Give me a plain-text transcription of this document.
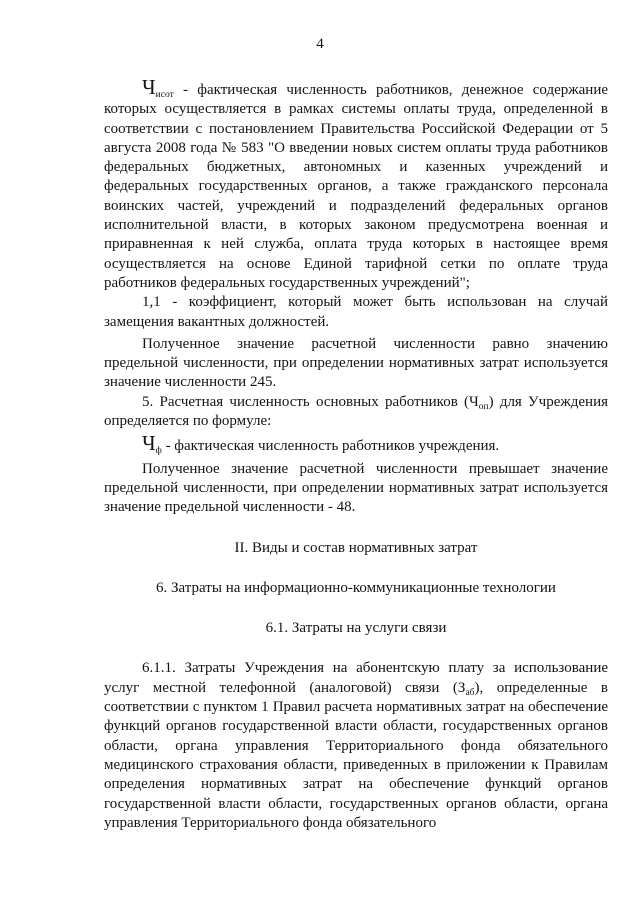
4

$Ч_{исот}$ - фактическая численность работников, денежное содержание которых осуществляется в рамках системы оплаты труда, определенной в соответствии с постановлением Правительства Российской Федерации от 5 августа 2008 года № 583 "О введении новых систем оплаты труда работников федеральных бюджетных, автономных и казенных учреждений и федеральных государственных органов, а также гражданского персонала воинских частей, учреждений и подразделений федеральных органов исполнительной власти, в которых законом предусмотрена военная и приравненная к ней служба, оплата труда которых в настоящее время осуществляется на основе Единой тарифной сетки по оплате труда работников федеральных государственных учреждений";

1,1 - коэффициент, который может быть использован на случай замещения вакантных должностей.

Полученное значение расчетной численности равно значению предельной численности, при определении нормативных затрат используется значение численности 245.

5. Расчетная численность основных работников $(Ч_{оп})$ для Учреждения определяется по формуле:

$Ч_ф$ - фактическая численность работников учреждения.

Полученное значение расчетной численности превышает значение предельной численности, при определении нормативных затрат используется значение предельной численности - 48.

II. Виды и состав нормативных затрат

6. Затраты на информационно-коммуникационные технологии

6.1. Затраты на услуги связи

6.1.1. Затраты Учреждения на абонентскую плату за использование услуг местной телефонной (аналоговой) связи $(З_{аб})$, определенные в соответствии с пунктом 1 Правил расчета нормативных затрат на обеспечение функций органов государственной власти области, государственных органов области, органа управления Территориального фонда обязательного медицинского страхования области, приведенных в приложении к Правилам определения нормативных затрат на обеспечение функций органов государственной власти области, государственных органов области, органа управления Территориального фонда обязательного
